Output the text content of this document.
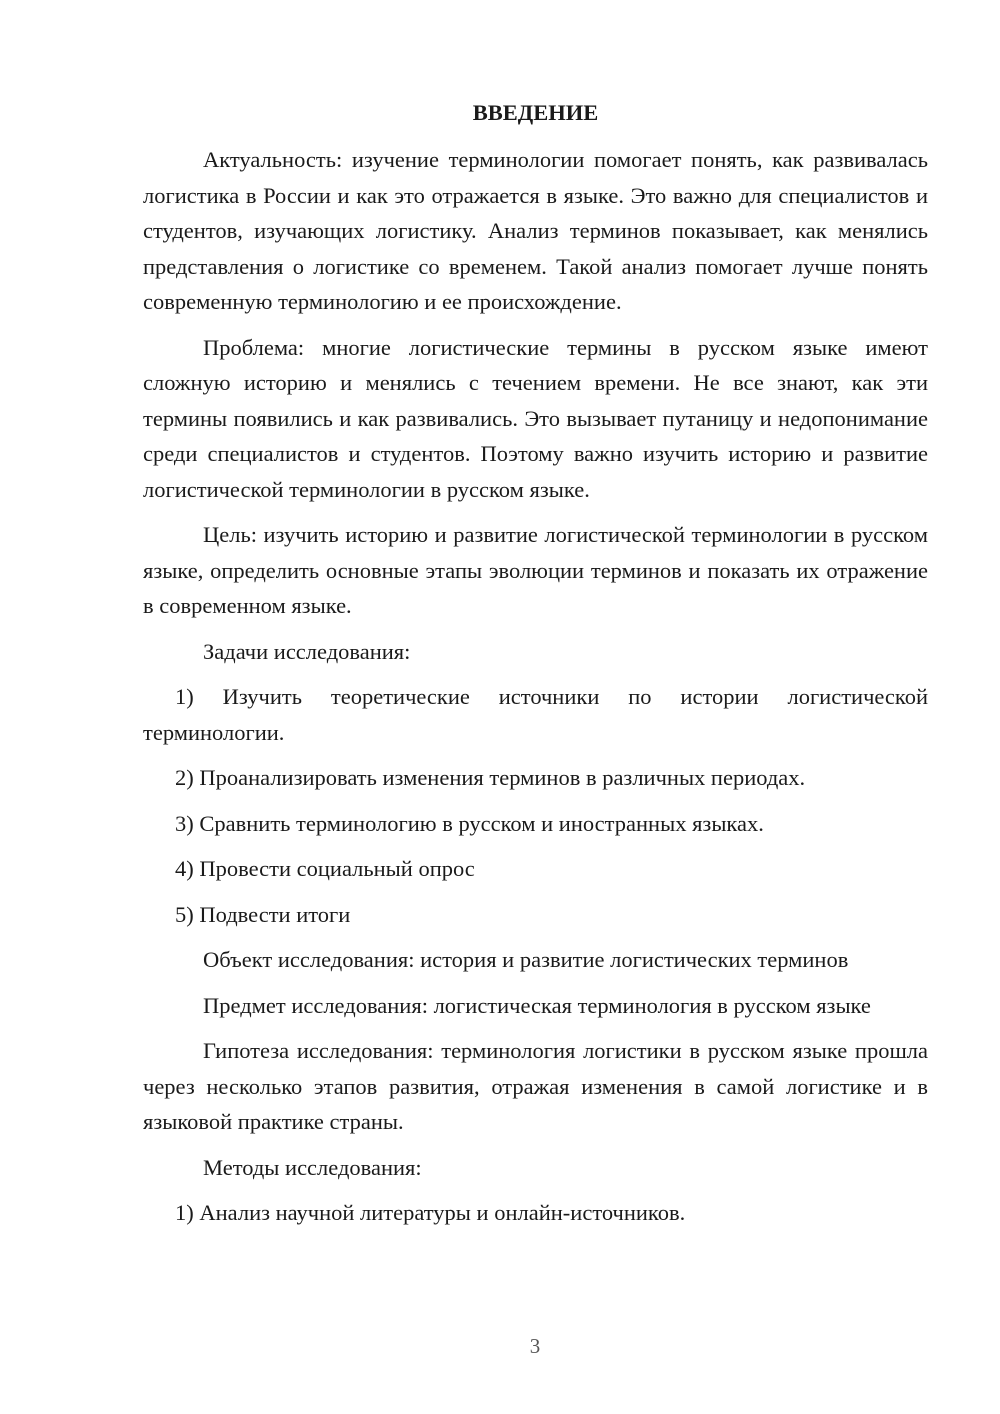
ВВЕДЕНИЕ

Актуальность: изучение терминологии помогает понять, как развивалась логистика в России и как это отражается в языке. Это важно для специалистов и студентов, изучающих логистику. Анализ терминов показывает, как менялись представления о логистике со временем. Такой анализ помогает лучше понять современную терминологию и ее происхождение.

Проблема: многие логистические термины в русском языке имеют сложную историю и менялись с течением времени. Не все знают, как эти термины появились и как развивались. Это вызывает путаницу и недопонимание среди специалистов и студентов. Поэтому важно изучить историю и развитие логистической терминологии в русском языке.

Цель: изучить историю и развитие логистической терминологии в русском языке, определить основные этапы эволюции терминов и показать их отражение в современном языке.

Задачи исследования:

1) Изучить теоретические источники по истории логистической терминологии.

2) Проанализировать изменения терминов в различных периодах.

3) Сравнить терминологию в русском и иностранных языках.

4) Провести социальный опрос

5) Подвести итоги

Объект исследования: история и развитие логистических терминов

Предмет исследования: логистическая терминология в русском языке

Гипотеза исследования: терминология логистики в русском языке прошла через несколько этапов развития, отражая изменения в самой логистике и в языковой практике страны.

Методы исследования:

1) Анализ научной литературы и онлайн-источников.

3
